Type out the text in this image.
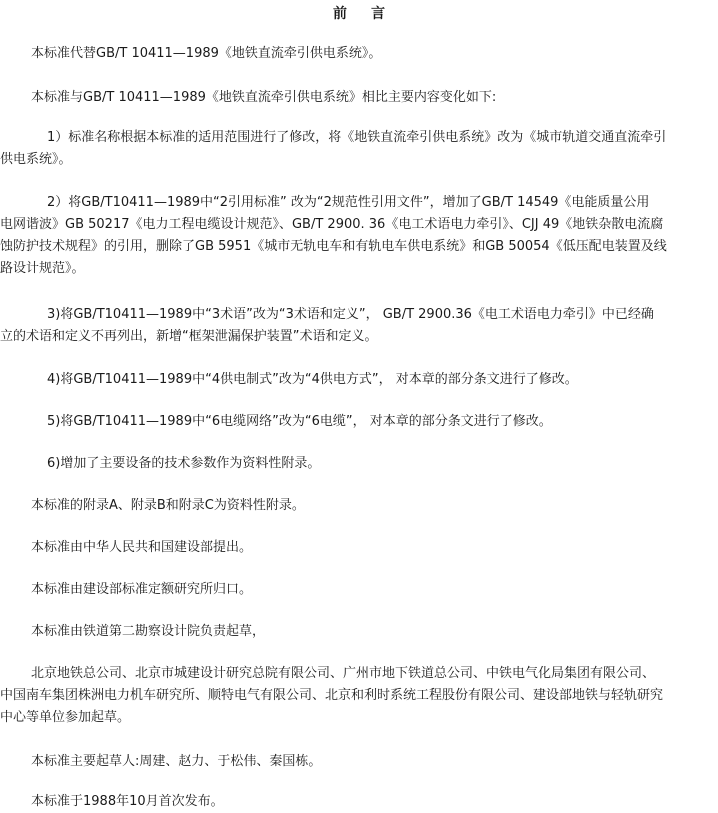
前 言
本标准代替GB/T 10411—1989《地铁直流牵引供电系统》。
本标准与GB/T 10411—1989《地铁直流牵引供电系统》相比主要内容变化如下:
1）标准名称根据本标准的适用范围进行了修改，将《地铁直流牵引供电系统》改为《城市轨道交通直流牵引
供电系统》。
2）将GB/T10411—1989中“2引用标准” 改为“2规范性引用文件”，增加了GB/T 14549《电能质量公用
电网谐波》GB 50217《电力工程电缆设计规范》、GB/T 2900. 36《电工术语电力牵引》、CJJ 49《地铁杂散电流腐
蚀防护技术规程》的引用，删除了GB 5951《城市无轨电车和有轨电车供电系统》和GB 50054《低压配电装置及线
路设计规范》。
3)将GB/T10411—1989中“3术语”改为“3术语和定义”， GB/T 2900.36《电工术语电力牵引》中已经确
立的术语和定义不再列出，新增“框架泄漏保护装置”术语和定义。
4)将GB/T10411—1989中“4供电制式”改为“4供电方式”， 对本章的部分条文进行了修改。
5)将GB/T10411—1989中“6电缆网络”改为“6电缆”， 对本章的部分条文进行了修改。
6)增加了主要设备的技术参数作为资料性附录。
本标准的附录A、附录B和附录C为资料性附录。
本标准由中华人民共和国建设部提出。
本标准由建设部标准定额研究所归口。
本标准由铁道第二勘察设计院负责起草，
北京地铁总公司、北京市城建设计研究总院有限公司、广州市地下铁道总公司、中铁电气化局集团有限公司、
中国南车集团株洲电力机车研究所、顺特电气有限公司、北京和利时系统工程股份有限公司、建设部地铁与轻轨研究
中心等单位参加起草。
本标准主要起草人:周建、赵力、于松伟、秦国栋。
本标准于1988年10月首次发布。
